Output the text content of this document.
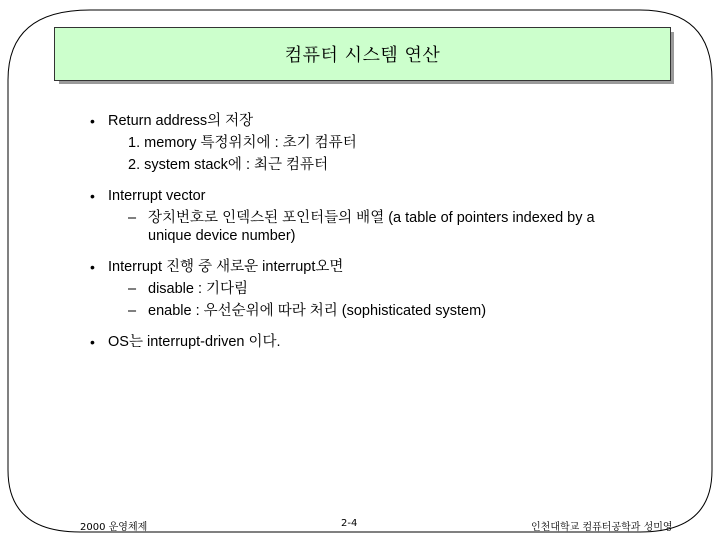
컴퓨터 시스템 연산
• Return address의 저장
1. memory 특정위치에 : 초기 컴퓨터
2. system stack에 : 최근 컴퓨터
• Interrupt vector
– 장치번호로 인덱스된 포인터들의 배열 (a table of pointers indexed by a
unique device number)
• Interrupt 진행 중 새로운 interrupt오면
– disable : 기다림
– enable : 우선순위에 따라 처리 (sophisticated system)
• OS는 interrupt-driven 이다.
2000 운영체제	2-4	인천대학교 컴퓨터공학과 성미영
